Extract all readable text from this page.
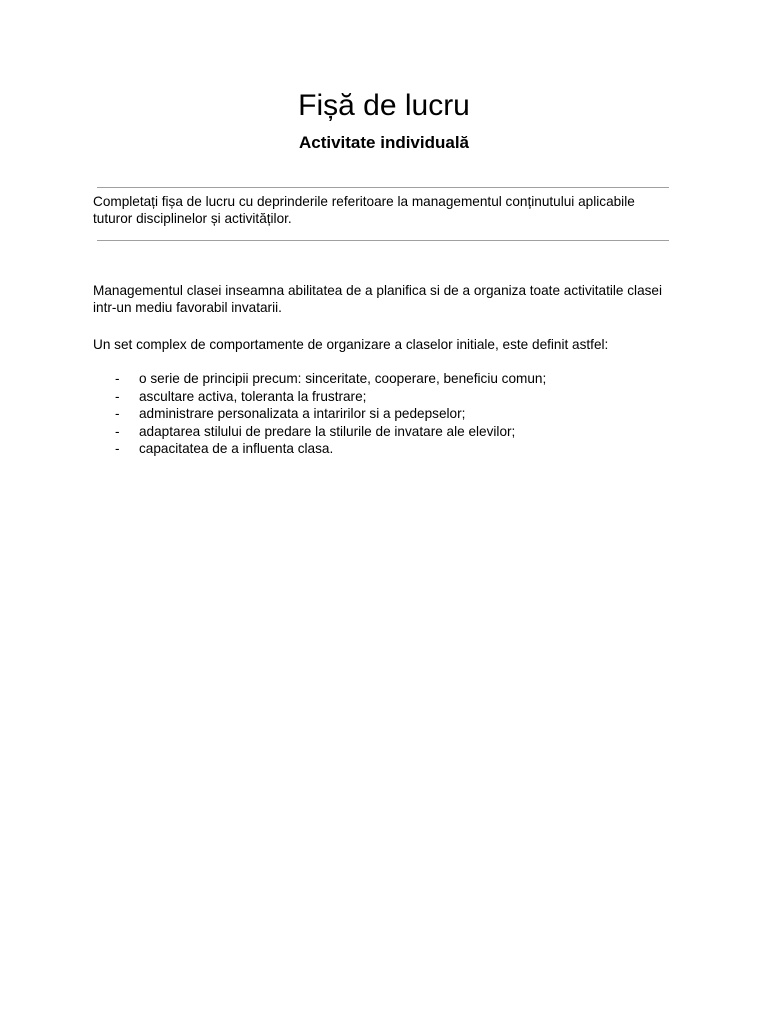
Fișă de lucru
Activitate individuală

Completați fișa de lucru cu deprinderile referitoare la managementul conținutului aplicabile tuturor disciplinelor și activităților.

Managementul clasei inseamna abilitatea de a planifica si de a organiza toate activitatile clasei intr-un mediu favorabil invatarii.

Un set complex de comportamente de organizare a claselor initiale, este definit astfel:

- o serie de principii precum: sinceritate, cooperare, beneficiu comun;
- ascultare activa, toleranta la frustrare;
- administrare personalizata a intaririlor si a pedepselor;
- adaptarea stilului de predare la stilurile de invatare ale elevilor;
- capacitatea de a influenta clasa.
